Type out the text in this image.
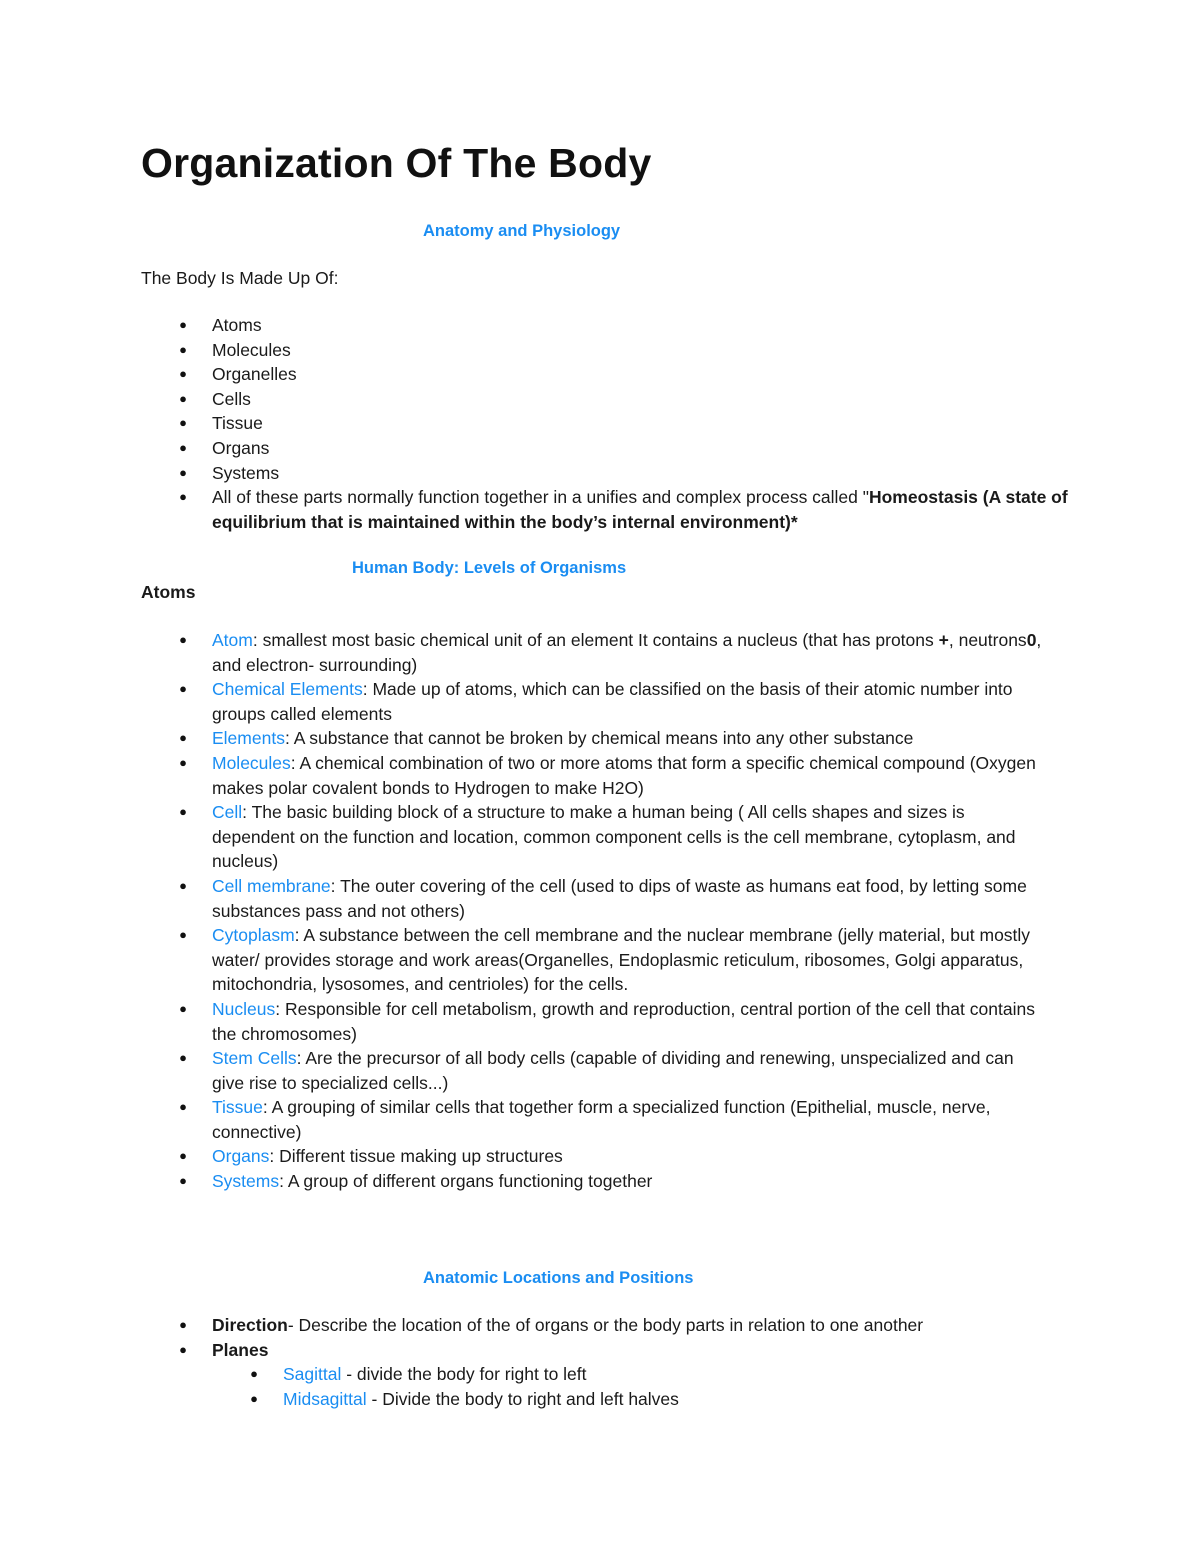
Organization Of The Body
Anatomy and Physiology
The Body Is Made Up Of:
●
Atoms
●
Molecules
●
Organelles
●
Cells
●
Tissue
●
Organs
●
Systems
●
All of these parts normally function together in a unifies and complex process called "Homeostasis (A state of equilibrium that is maintained within the body’s internal environment)*
Human Body: Levels of Organisms
Atoms
●
Atom: smallest most basic chemical unit of an element It contains a nucleus (that has protons +, neutrons0, and electron- surrounding)
●
Chemical Elements: Made up of atoms, which can be classified on the basis of their atomic number into groups called elements
●
Elements: A substance that cannot be broken by chemical means into any other substance
●
Molecules: A chemical combination of two or more atoms that form a specific chemical compound (Oxygen makes polar covalent bonds to Hydrogen to make H2O)
●
Cell: The basic building block of a structure to make a human being ( All cells shapes and sizes is dependent on the function and location, common component cells is the cell membrane, cytoplasm, and nucleus)
●
Cell membrane: The outer covering of the cell (used to dips of waste as humans eat food, by letting some substances pass and not others)
●
Cytoplasm: A substance between the cell membrane and the nuclear membrane (jelly material, but mostly water/ provides storage and work areas(Organelles, Endoplasmic reticulum, ribosomes, Golgi apparatus, mitochondria, lysosomes, and centrioles) for the cells.
●
Nucleus: Responsible for cell metabolism, growth and reproduction, central portion of the cell that contains the chromosomes)
●
Stem Cells: Are the precursor of all body cells (capable of dividing and renewing, unspecialized and can give rise to specialized cells...)
●
Tissue: A grouping of similar cells that together form a specialized function (Epithelial, muscle, nerve, connective)
●
Organs: Different tissue making up structures
●
Systems: A group of different organs functioning together
Anatomic Locations and Positions
●
Direction- Describe the location of the of organs or the body parts in relation to one another
●
Planes
●
Sagittal - divide the body for right to left
●
Midsagittal - Divide the body to right and left halves
